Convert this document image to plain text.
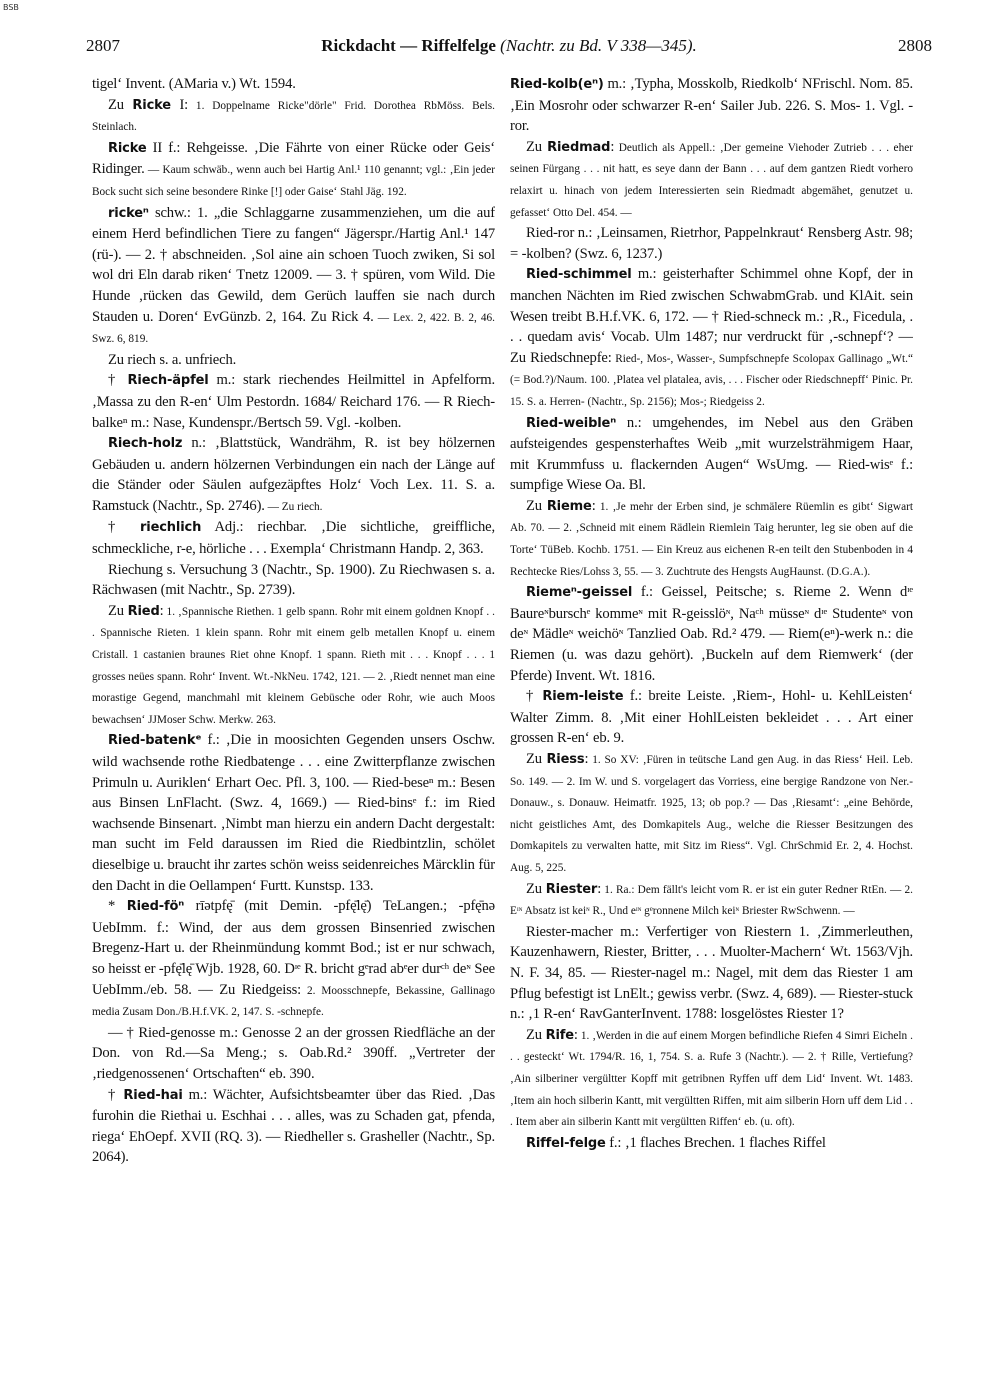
BSB
2807	Rickdacht — Riffelfelge (Nachtr. zu Bd. V 338—345).	2808

tigel‘ Invent. (AMaria v.) Wt. 1594.

Zu Ricke I: 1. Doppelname Ricke"dörle" Frid. Dorothea RbMöss. Bels. Steinlach.

Ricke II f.: Rehgeisse. ‚Die Fährte von einer Rücke oder Geis‘ Ridinger. — Kaum schwäb., wenn auch bei Hartig Anl.¹ 110 genannt; vgl.: ‚Ein jeder Bock sucht sich seine besondere Rinke [!] oder Gaise‘ Stahl Jäg. 192.

rickeⁿ schw.: 1. „die Schlaggarne zusammenziehen, um die auf einem Herd befindlichen Tiere zu fangen“ Jägerspr./Hartig Anl.¹ 147 (rü-). — 2. † abschneiden. ‚Sol aine ain schoen Tuoch zwiken, Si sol wol dri Eln darab riken‘ Tnetz 12009. — 3. † spüren, vom Wild. Die Hunde ‚rücken das Gewild, dem Gerüch lauffen sie nach durch Stauden u. Doren‘ EvGünzb. 2, 164. Zu Rick 4. — Lex. 2, 422. B. 2, 46. Swz. 6, 819.

Zu riech s. a. unfriech.

† Riech-äpfel m.: stark riechendes Heilmittel in Apfelform. ‚Massa zu den R-en‘ Ulm Pestordn. 1684/ Reichard 176. — R Riech-balkeⁿ m.: Nase, Kundenspr./Bertsch 59. Vgl. -kolben.

Riech-holz n.: ‚Blattstück, Wandrähm, R. ist bey hölzernen Gebäuden u. andern hölzernen Verbindungen ein nach der Länge auf die Ständer oder Säulen aufgezäpftes Holz‘ Voch Lex. 11. S. a. Ramstuck (Nachtr., Sp. 2746). — Zu riech.

† riechlich Adj.: riechbar. ‚Die sichtliche, greiffliche, schmeckliche, r-e, hörliche . . . Exempla‘ Christmann Handp. 2, 363.

Riechung s. Versuchung 3 (Nachtr., Sp. 1900). Zu Riechwasen s. a. Rächwasen (mit Nachtr., Sp. 2739).

Zu Ried: 1. ‚Spannische Riethen. 1 gelb spann. Rohr mit einem goldnen Knopf . . . Spannische Rieten. 1 klein spann. Rohr mit einem gelb metallen Knopf u. einem Cristall. 1 castanien braunes Riet ohne Knopf. 1 spann. Rieth mit . . . Knopf . . . 1 grosses neües spann. Rohr‘ Invent. Wt.-NkNeu. 1742, 121. — 2. ‚Riedt nennet man eine morastige Gegend, manchmahl mit kleinem Gebüsche oder Rohr, wie auch Moos bewachsen‘ JJMoser Schw. Merkw. 263.

Ried-batenkᵉ f.: ‚Die in moosichten Gegenden unsers Oschw. wild wachsende rothe Riedbatenge . . . eine Zwitterpflanze zwischen Primuln u. Auriklen‘ Erhart Oec. Pfl. 3, 100. — Ried-beseⁿ m.: Besen aus Binsen LnFlacht. (Swz. 4, 1669.) — Ried-binsᵉ f.: im Ried wachsende Binsenart. ‚Nimbt man hierzu ein andern Dacht dergestalt: man sucht im Feld daraussen im Ried die Riedbintzlin, schölet dieselbige u. braucht ihr zartes schön weiss seidenreiches Märcklin für den Dacht in die Oellampen‘ Furtt. Kunstsp. 133.

* Ried-föⁿ rīətpfę̄ (mit Demin. -pfę̄lę̄) TeLangen.; -pfę̄nə UebImm. f.: Wind, der aus dem grossen Binsenried zwischen Bregenz-Hart u. der Rheinmündung kommt Bod.; ist er nur schwach, so heisst er -pfę̄lę̄ Wjb. 1928, 60. Dᶦᵉ R. bricht gᵉrad abᵉer durᶜʰ deᶰ See UebImm./eb. 58. — Zu Riedgeiss: 2. Moosschnepfe, Bekassine, Gallinago media Zusam Don./B.H.f.VK. 2, 147. S. -schnepfe.

— † Ried-genosse m.: Genosse 2 an der grossen Riedfläche an der Don. von Rd.—Sa Meng.; s. Oab.Rd.² 390ff. „Vertreter der ‚riedgenossenen‘ Ortschaften“ eb. 390.

† Ried-hai m.: Wächter, Aufsichtsbeamter über das Ried. ‚Das furohin die Riethai u. Eschhai . . . alles, was zu Schaden gat, pfenda, riega‘ EhOepf. XVII (RQ. 3). — Riedheller s. Grasheller (Nachtr., Sp. 2064).

Ried-kolb(eⁿ) m.: ‚Typha, Mosskolb, Riedkolb‘ NFrischl. Nom. 85. ‚Ein Mosrohr oder schwarzer R-en‘ Sailer Jub. 226. S. Mos- 1. Vgl. -ror.

Zu Riedmad: Deutlich als Appell.: ‚Der gemeine Viehoder Zutrieb . . . eher seinen Fürgang . . . nit hatt, es seye dann der Bann . . . auf dem gantzen Riedt vorhero relaxirt u. hinach von jedem Interessierten sein Riedmadt abgemähet, genutzet u. gefasset‘ Otto Del. 454. —

Ried-ror n.: ‚Leinsamen, Rietrhor, Pappelnkraut‘ Rensberg Astr. 98; = -kolben? (Swz. 6, 1237.)

Ried-schimmel m.: geisterhafter Schimmel ohne Kopf, der in manchen Nächten im Ried zwischen SchwabmGrab. und KlAit. sein Wesen treibt B.H.f.VK. 6, 172. — † Ried-schneck m.: ‚R., Ficedula, . . . quedam avis‘ Vocab. Ulm 1487; nur verdruckt für ‚-schnepf‘? — Zu Riedschnepfe: Ried-, Mos-, Wasser-, Sumpfschnepfe Scolopax Gallinago „Wt.“ (= Bod.?)/Naum. 100. ‚Platea vel platalea, avis, . . . Fischer oder Riedschnepff‘ Pinic. Pr. 15. S. a. Herren- (Nachtr., Sp. 2156); Mos-; Riedgeiss 2.

Ried-weibleⁿ n.: umgehendes, im Nebel aus den Gräben aufsteigendes gespensterhaftes Weib „mit wurzelsträhmigem Haar, mit Krummfuss u. flackernden Augen“ WsUmg. — Ried-wisᵉ f.: sumpfige Wiese Oa. Bl.

Zu Rieme: 1. ‚Je mehr der Erben sind, je schmälere Rüemlin es gibt‘ Sigwart Ab. 70. — 2. ‚Schneid mit einem Rädlein Riemlein Taig herunter, leg sie oben auf die Torte‘ TüBeb. Kochb. 1751. — Ein Kreuz aus eichenen R-en teilt den Stubenboden in 4 Rechtecke Ries/Lohss 3, 55. — 3. Zuchtrute des Hengsts AugHaunst. (D.G.A.).

Riemeⁿ-geissel f.: Geissel, Peitsche; s. Rieme 2. Wenn dᶦᵉ Baureᶰburschᵉ kommeᶰ mit R-geisslöᶰ, Naᶜʰ müsseᶰ dᶦᵉ Studenteᶰ von deᶰ Mädleᶰ weichöᶰ Tanzlied Oab. Rd.² 479. — Riem(eⁿ)-werk n.: die Riemen (u. was dazu gehört). ‚Buckeln auf dem Riemwerk‘ (der Pferde) Invent. Wt. 1816.

† Riem-leiste f.: breite Leiste. ‚Riem-, Hohl- u. KehlLeisten‘ Walter Zimm. 8. ‚Mit einer HohlLeisten bekleidet . . . Art einer grossen R-en‘ eb. 9.

Zu Riess: 1. So XV: ‚Füren in teütsche Land gen Aug. in das Riess‘ Heil. Leb. So. 149. — 2. Im W. und S. vorgelagert das Vorriess, eine bergige Randzone von Ner.-Donauw., s. Donauw. Heimatfr. 1925, 13; ob pop.? — Das ‚Riesamt‘: „eine Behörde, nicht geistliches Amt, des Domkapitels Aug., welche die Riesser Besitzungen des Domkapitels zu verwalten hatte, mit Sitz im Riess“. Vgl. ChrSchmid Er. 2, 4. Hochst. Aug. 5, 225.

Zu Riester: 1. Ra.: Dem fällt's leicht vom R. er ist ein guter Redner RtEn. — 2. Eᶦᶰ Absatz ist keiᶰ R., Und eᶦᶰ gᵉronnene Milch keiᶰ Briester RwSchwenn. —

Riester-macher m.: Verfertiger von Riestern 1. ‚Zimmerleuthen, Kauzenhawern, Riester, Britter, . . . Muolter-Machern‘ Wt. 1563/Vjh. N. F. 34, 85. — Riester-nagel m.: Nagel, mit dem das Riester 1 am Pflug befestigt ist LnElt.; gewiss verbr. (Swz. 4, 689). — Riester-stuck n.: ‚1 R-en‘ RavGanterInvent. 1788: losgelöstes Riester 1?

Zu Rife: 1. ‚Werden in die auf einem Morgen befindliche Riefen 4 Simri Eicheln . . . gesteckt‘ Wt. 1794/R. 16, 1, 754. S. a. Rufe 3 (Nachtr.). — 2. † Rille, Vertiefung? ‚Ain silberiner vergültter Kopff mit getribnen Ryffen uff dem Lid‘ Invent. Wt. 1483. ‚Item ain hoch silberin Kantt, mit vergültten Riffen, mit aim silberin Horn uff dem Lid . . . Item aber ain silberin Kantt mit vergültten Riffen‘ eb. (u. oft).

Riffel-felge f.: ‚1 flaches Brechen. 1 flaches Riffel
